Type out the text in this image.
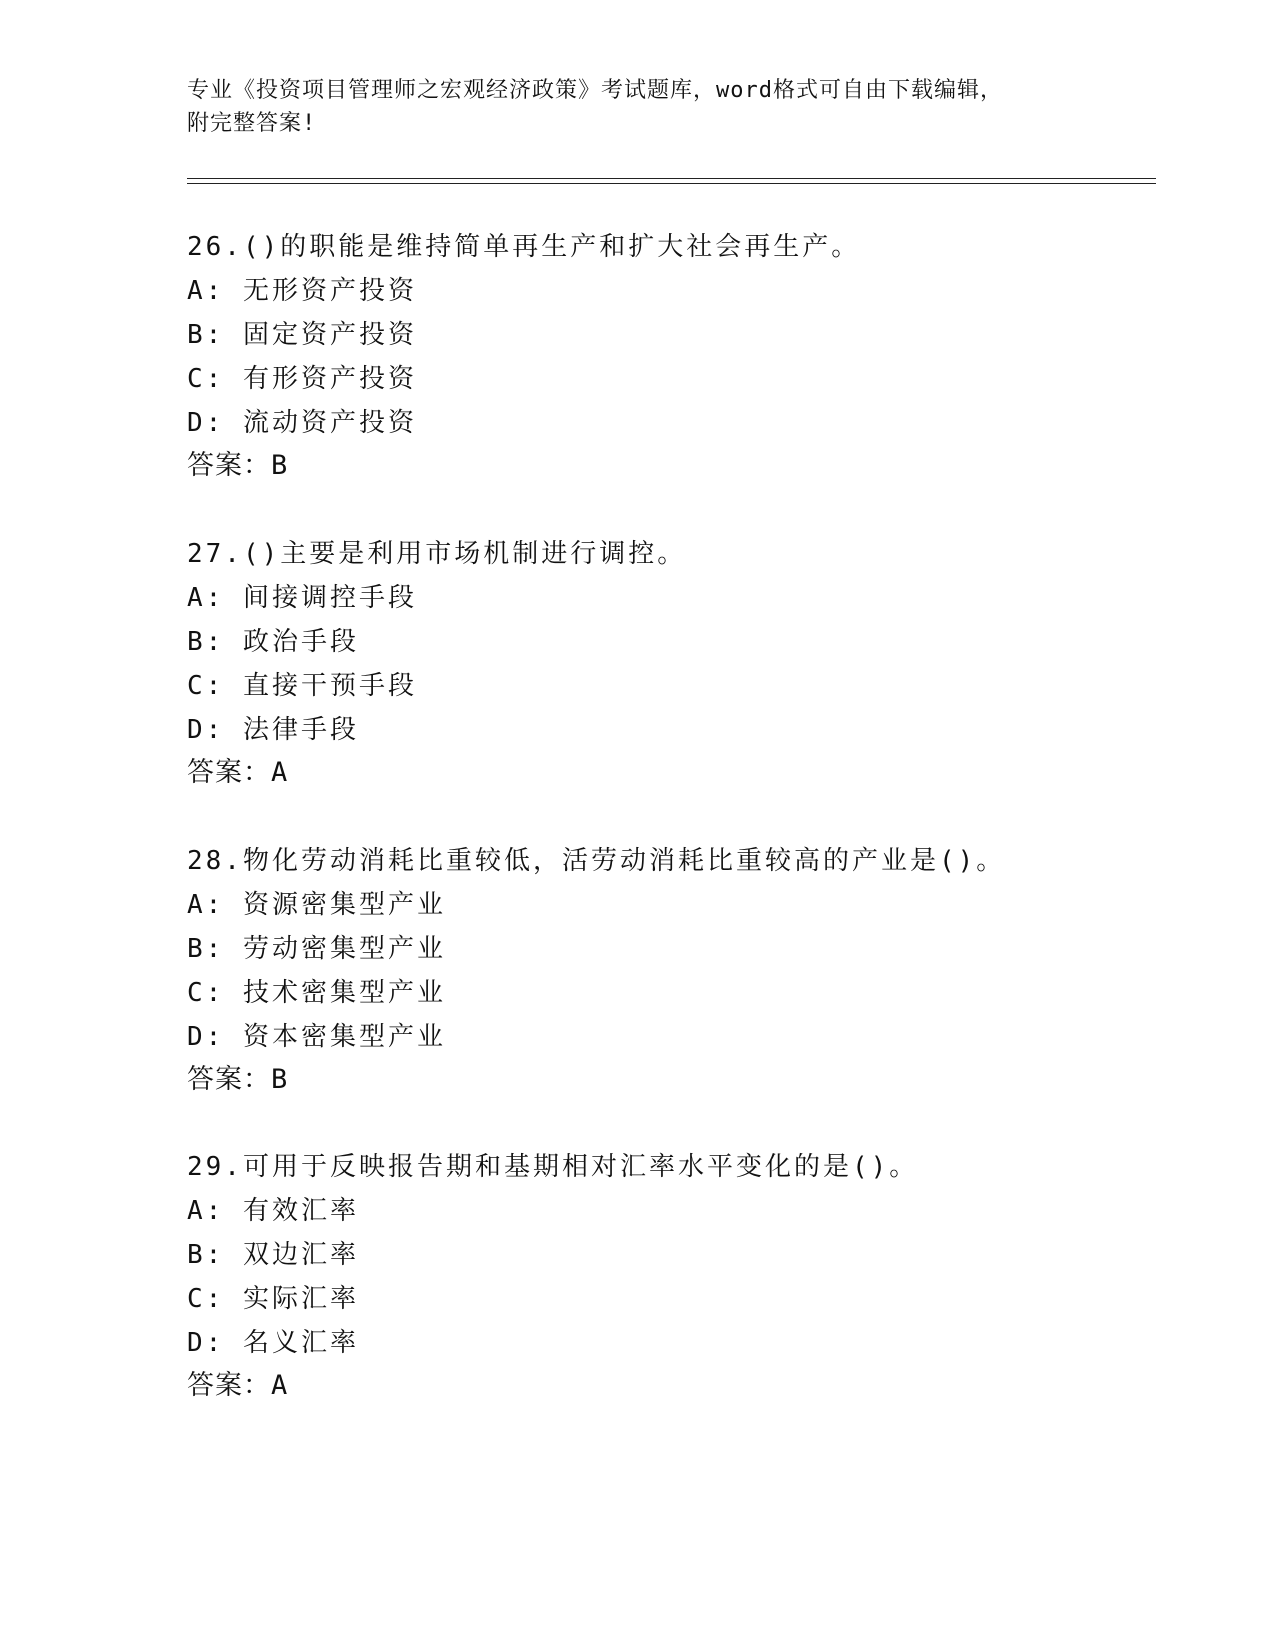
专业《投资项目管理师之宏观经济政策》考试题库，word格式可自由下载编辑，
附完整答案!
26.()的职能是维持简单再生产和扩大社会再生产。
A: 无形资产投资
B: 固定资产投资
C: 有形资产投资
D: 流动资产投资
答案：B
27.()主要是利用市场机制进行调控。
A: 间接调控手段
B: 政治手段
C: 直接干预手段
D: 法律手段
答案：A
28.物化劳动消耗比重较低，活劳动消耗比重较高的产业是()。
A: 资源密集型产业
B: 劳动密集型产业
C: 技术密集型产业
D: 资本密集型产业
答案：B
29.可用于反映报告期和基期相对汇率水平变化的是()。
A: 有效汇率
B: 双边汇率
C: 实际汇率
D: 名义汇率
答案：A
